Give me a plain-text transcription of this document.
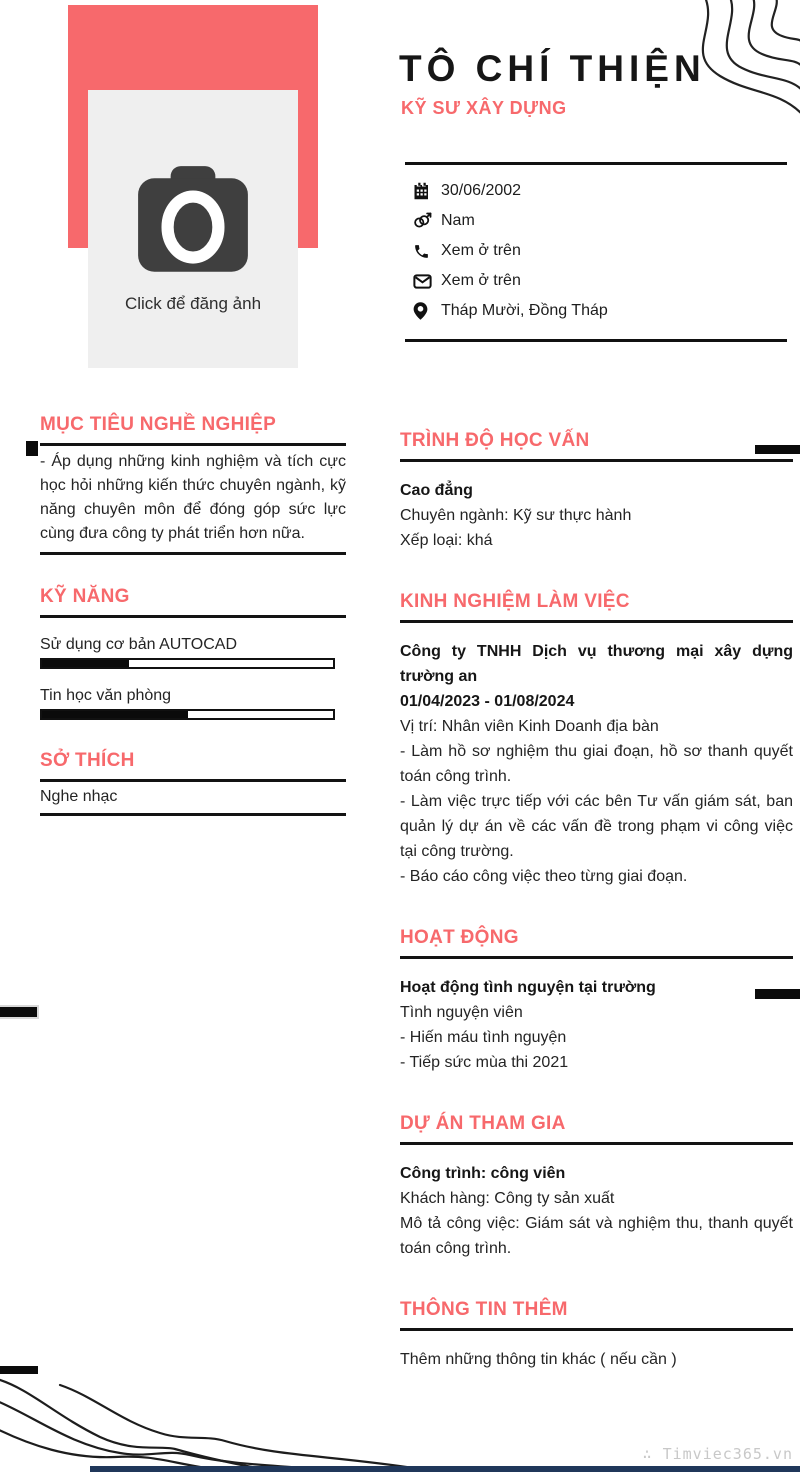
Click để đăng ảnh
TÔ CHÍ THIỆN
KỸ SƯ XÂY DỰNG
30/06/2002
Nam
Xem ở trên
Xem ở trên
Tháp Mười, Đồng Tháp
MỤC TIÊU NGHỀ NGHIỆP

- Áp dụng những kinh nghiệm và tích cực học hỏi những kiến thức chuyên ngành, kỹ năng chuyên môn để đóng góp sức lực cùng đưa công ty phát triển hơn nữa.

KỸ NĂNG
Sử dụng cơ bản AUTOCAD
Tin học văn phòng
SỞ THÍCH

Nghe nhạc

TRÌNH ĐỘ HỌC VẤN

Cao đẳng

Chuyên ngành: Kỹ sư thực hành

Xếp loại: khá

KINH NGHIỆM LÀM VIỆC

Công ty TNHH Dịch vụ thương mại xây dựng trường an

01/04/2023 - 01/08/2024

Vị trí: Nhân viên Kinh Doanh địa bàn

- Làm hồ sơ nghiệm thu giai đoạn, hồ sơ thanh quyết toán công trình.

- Làm việc trực tiếp với các bên Tư vấn giám sát, ban quản lý dự án về các vấn đề trong phạm vi công việc tại công trường.

- Báo cáo công việc theo từng giai đoạn.

HOẠT ĐỘNG

Hoạt động tình nguyện tại trường

Tình nguyện viên

- Hiến máu tình nguyện

- Tiếp sức mùa thi 2021

DỰ ÁN THAM GIA

Công trình: công viên

Khách hàng: Công ty sản xuất

Mô tả công việc: Giám sát và nghiệm thu, thanh quyết toán công trình.

THÔNG TIN THÊM

Thêm những thông tin khác ( nếu cần )

∴ Timviec365.vn
